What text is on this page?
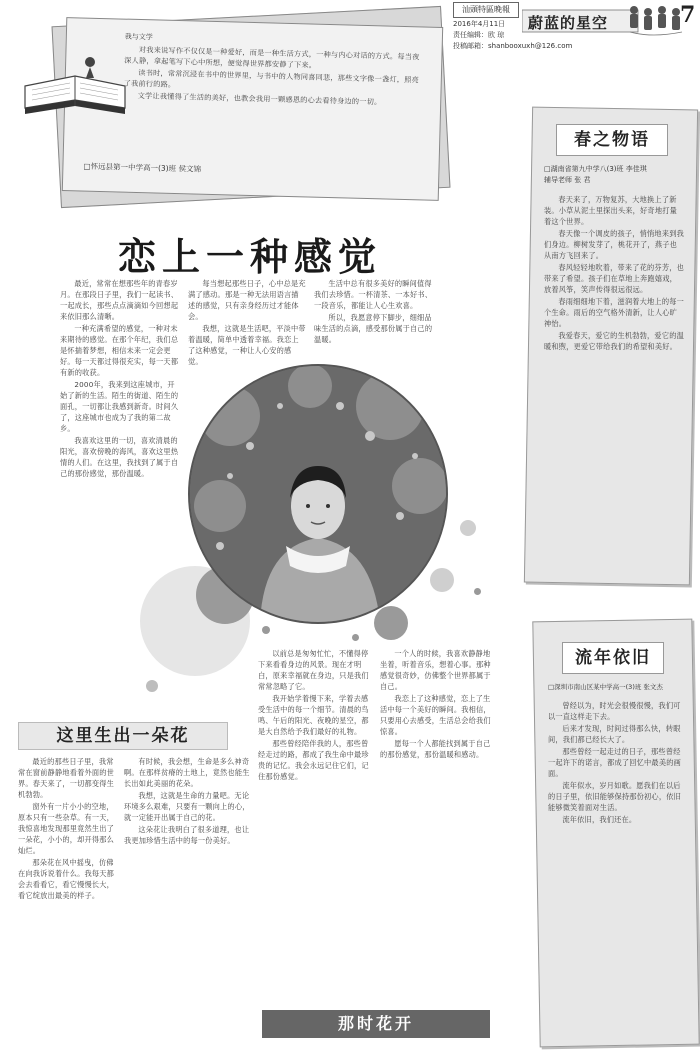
汕頭特區晚報
2016年4月11日
责任编辑：欧 琼
投稿邮箱：shanbooxuxh@126.com
蔚蓝的星空	7
我与文学

对我来说写作不仅仅是一种爱好，而是一种生活方式，一种与内心对话的方式。每当夜深人静，拿起笔写下心中所想，便觉得世界都安静了下来。

读书时，常常沉浸在书中的世界里，与书中的人物同喜同悲，那些文字像一盏灯，照亮了我前行的路。

文学让我懂得了生活的美好，也教会我用一颗感恩的心去看待身边的一切。

□怀远县第一中学高一(3)班 侯文锦
恋上一种感觉

最近，常常在想那些年的青春岁月。在那段日子里，我们一起读书、一起成长，那些点点滴滴如今回想起来依旧那么清晰。

一种充满希望的感觉，一种对未来期待的感觉。在那个年纪，我们总是怀揣着梦想，相信未来一定会更好。每一天都过得很充实，每一天都有新的收获。

2000年，我来到这座城市，开始了新的生活。陌生的街道、陌生的面孔，一切都让我感到新奇。时间久了，这座城市也成为了我的第二故乡。

我喜欢这里的一切，喜欢清晨的阳光，喜欢傍晚的海风，喜欢这里热情的人们。在这里，我找到了属于自己的那份感觉，那份温暖。

每当想起那些日子，心中总是充满了感动。那是一种无法用语言描述的感觉，只有亲身经历过才能体会。

我想，这就是生活吧，平淡中带着温暖，简单中透着幸福。我恋上了这种感觉，一种让人心安的感觉。

生活中总有很多美好的瞬间值得我们去珍惜。一杯清茶、一本好书、一段音乐，都能让人心生欢喜。

所以，我愿意停下脚步，细细品味生活的点滴，感受那份属于自己的温暖。

以前总是匆匆忙忙，不懂得停下来看看身边的风景。现在才明白，原来幸福就在身边，只是我们常常忽略了它。

我开始学着慢下来，学着去感受生活中的每一个细节。清晨的鸟鸣、午后的阳光、夜晚的星空，都是大自然给予我们最好的礼物。

那些曾经陪伴我的人，那些曾经走过的路，都成了我生命中最珍贵的记忆。我会永远记住它们，记住那份感觉。

一个人的时候，我喜欢静静地坐着，听着音乐，想着心事。那种感觉很奇妙，仿佛整个世界都属于自己。

我恋上了这种感觉，恋上了生活中每一个美好的瞬间。我相信，只要用心去感受，生活总会给我们惊喜。

愿每一个人都能找到属于自己的那份感觉，那份温暖和感动。

那时花开
这里生出一朵花

最近的那些日子里，我常常在窗前静静地看着外面的世界。春天来了，一切都变得生机勃勃。

窗外有一片小小的空地，原本只有一些杂草。有一天，我惊喜地发现那里竟然生出了一朵花，小小的，却开得那么灿烂。

那朵花在风中摇曳，仿佛在向我诉说着什么。我每天都会去看看它，看它慢慢长大，看它绽放出最美的样子。

有时候，我会想，生命是多么神奇啊。在那样贫瘠的土地上，竟然也能生长出如此美丽的花朵。

我想，这就是生命的力量吧。无论环境多么艰难，只要有一颗向上的心，就一定能开出属于自己的花。

这朵花让我明白了很多道理，也让我更加珍惜生活中的每一份美好。

春之物语
□湖南省第九中学八(3)班 李佳琪
辅导老师 张 君

春天来了，万物复苏，大地换上了新装。小草从泥土里探出头来，好奇地打量着这个世界。

春天像一个调皮的孩子，悄悄地来到我们身边。柳树发芽了，桃花开了，燕子也从南方飞回来了。

春风轻轻地吹着，带来了花的芬芳，也带来了希望。孩子们在草地上奔跑嬉戏，放着风筝，笑声传得很远很远。

春雨细细地下着，滋润着大地上的每一个生命。雨后的空气格外清新，让人心旷神怡。

我爱春天，爱它的生机勃勃，爱它的温暖和煦，更爱它带给我们的希望和美好。

流年依旧
□深圳市南山区某中学高一(3)班 张文杰

曾经以为，时光会很慢很慢，我们可以一直这样走下去。

后来才发现，时间过得那么快，转眼间，我们都已经长大了。

那些曾经一起走过的日子，那些曾经一起许下的诺言，都成了回忆中最美的画面。

流年似水，岁月如歌。愿我们在以后的日子里，依旧能够保持那份初心，依旧能够微笑着面对生活。

流年依旧，我们还在。
